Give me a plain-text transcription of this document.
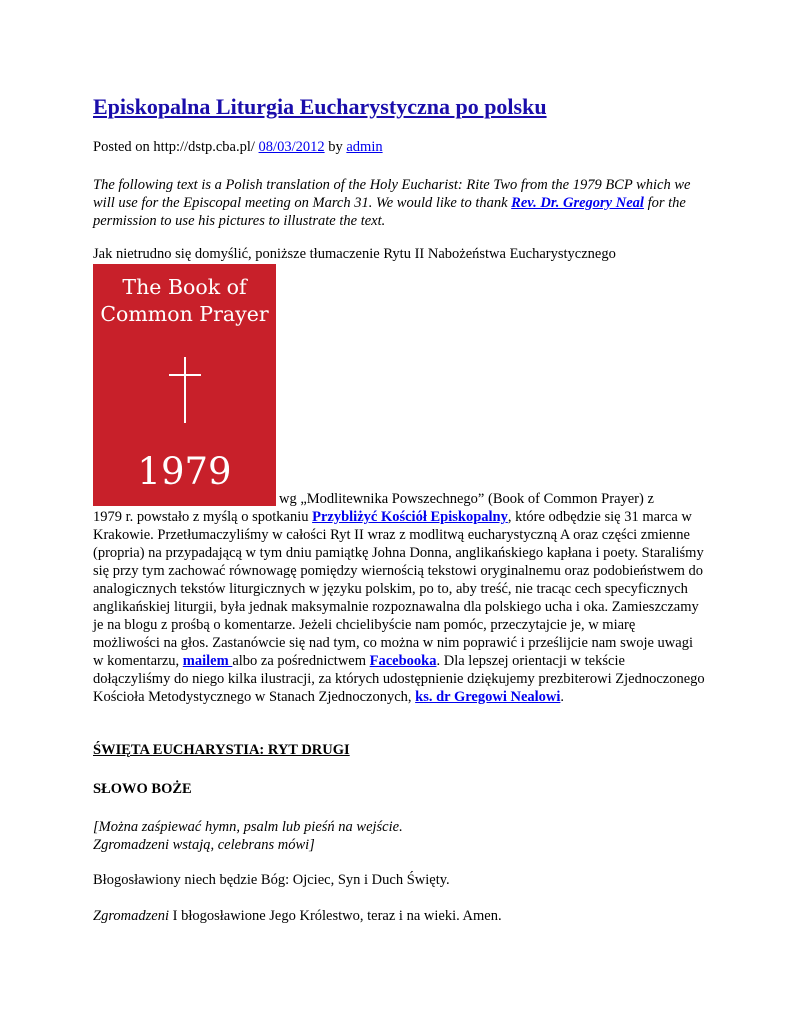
Episkopalna Liturgia Eucharystyczna po polsku
Posted on http://dstp.cba.pl/ 08/03/2012 by admin

The following text is a Polish translation of the Holy Eucharist: Rite Two from the 1979 BCP which we will use for the Episcopal meeting on March 31. We would like to thank Rev. Dr. Gregory Neal for the permission to use his pictures to illustrate the text.

Jak nietrudno się domyślić, poniższe tłumaczenie Rytu II Nabożeństwa Eucharystycznego
The Book of
Common Prayer
1979

wg „Modlitewnika Powszechnego” (Book of Common Prayer) z
1979 r. powstało z myślą o spotkaniu Przybliżyć Kościół Episkopalny, które odbędzie się 31 marca w Krakowie. Przetłumaczyliśmy w całości Ryt II wraz z modlitwą eucharystyczną A oraz części zmienne (propria) na przypadającą w tym dniu pamiątkę Johna Donna, anglikańskiego kapłana i poety. Staraliśmy się przy tym zachować równowagę pomiędzy wiernością tekstowi oryginalnemu oraz podobieństwem do analogicznych tekstów liturgicznych w języku polskim, po to, aby treść, nie tracąc cech specyficznych anglikańskiej liturgii, była jednak maksymalnie rozpoznawalna dla polskiego ucha i oka. Zamieszczamy je na blogu z prośbą o komentarze. Jeżeli chcielibyście nam pomóc, przeczytajcie je, w miarę możliwości na głos. Zastanówcie się nad tym, co można w nim poprawić i prześlijcie nam swoje uwagi w komentarzu, mailem albo za pośrednictwem Facebooka. Dla lepszej orientacji w tekście dołączyliśmy do niego kilka ilustracji, za których udostępnienie dziękujemy prezbiterowi Zjednoczonego Kościoła Metodystycznego w Stanach Zjednoczonych, ks. dr Gregowi Nealowi.

ŚWIĘTA EUCHARYSTIA: RYT DRUGI
SŁOWO BOŻE
[Można zaśpiewać hymn, psalm lub pieśń na wejście.
Zgromadzeni wstają, celebrans mówi]
Błogosławiony niech będzie Bóg: Ojciec, Syn i Duch Święty.
Zgromadzeni I błogosławione Jego Królestwo, teraz i na wieki. Amen.
